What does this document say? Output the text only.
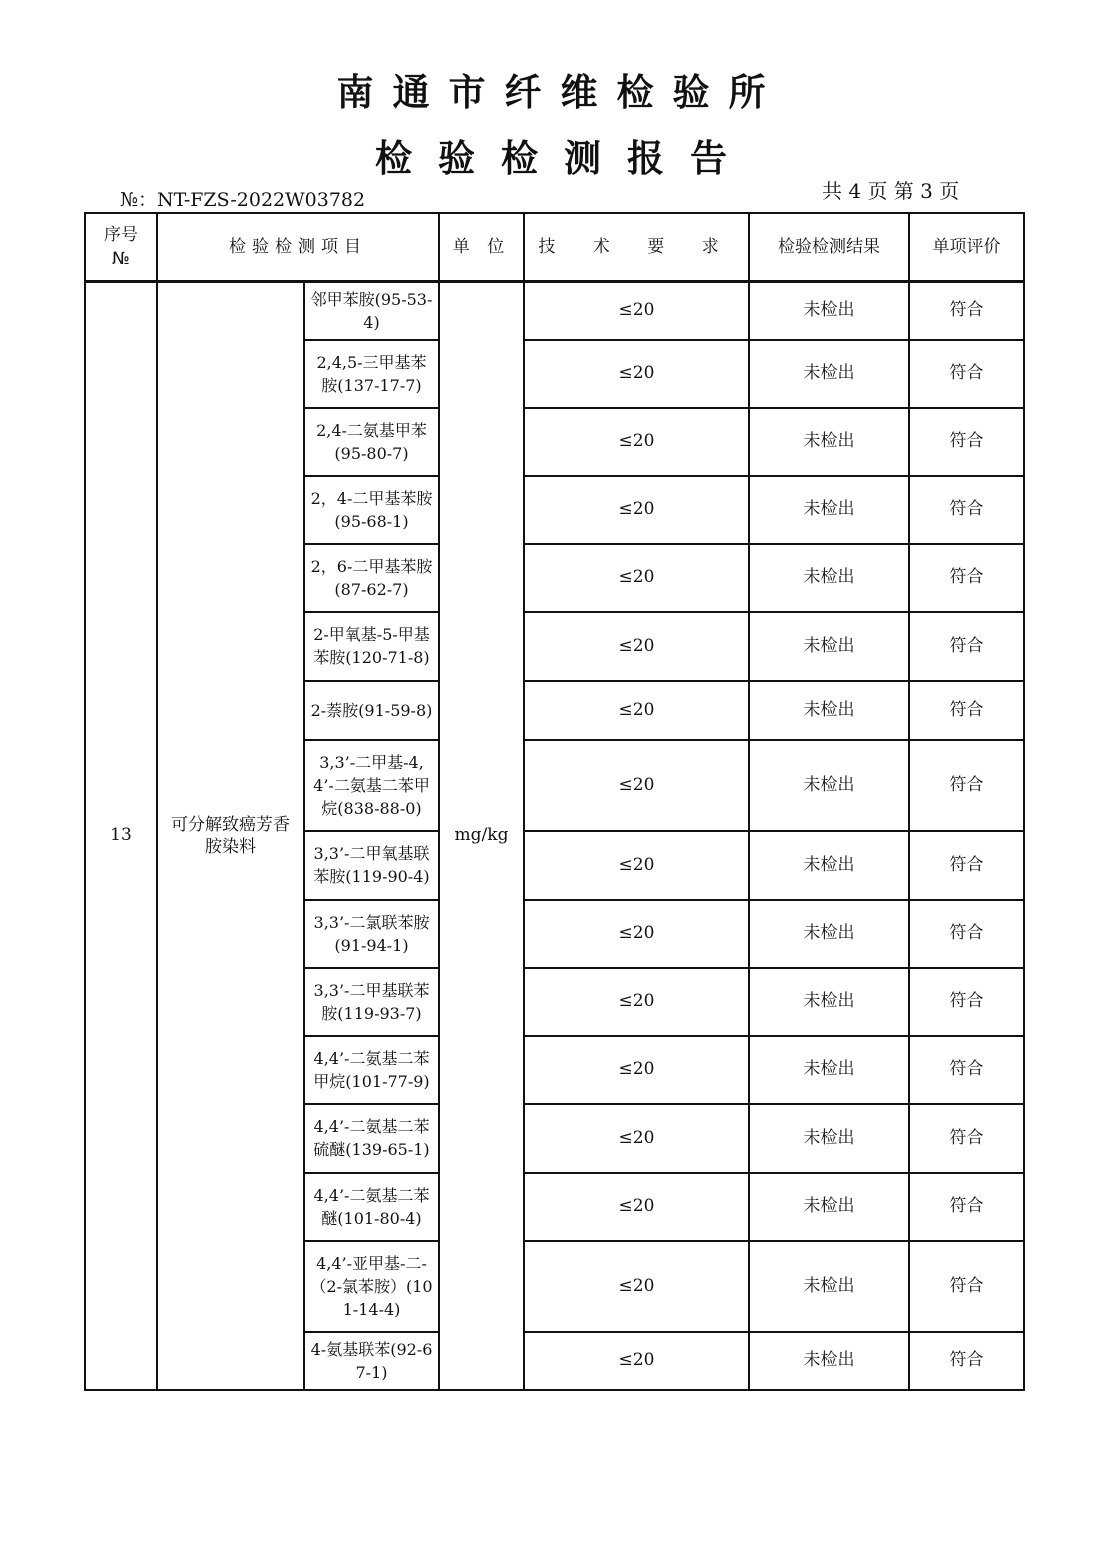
南通市纤维检验所
检验检测报告
№：NT-FZS-2022W03782	共 4 页 第 3 页
序号
№	检验检测项目		单 位	技 术 要 求	检验检测结果	单项评价
13	可分解致癌芳香胺染料	邻甲苯胺(95-53-4)	mg/kg	≤20	未检出	符合
		2,4,5-三甲基苯胺(137-17-7)		≤20	未检出	符合
		2,4-二氨基甲苯(95-80-7)		≤20	未检出	符合
		2，4-二甲基苯胺(95-68-1)		≤20	未检出	符合
		2，6-二甲基苯胺(87-62-7)		≤20	未检出	符合
		2-甲氧基-5-甲基苯胺(120-71-8)		≤20	未检出	符合
		2-萘胺(91-59-8)		≤20	未检出	符合
		3,3’-二甲基-4,4’-二氨基二苯甲烷(838-88-0)		≤20	未检出	符合
		3,3’-二甲氧基联苯胺(119-90-4)		≤20	未检出	符合
		3,3’-二氯联苯胺(91-94-1)		≤20	未检出	符合
		3,3’-二甲基联苯胺(119-93-7)		≤20	未检出	符合
		4,4’-二氨基二苯甲烷(101-77-9)		≤20	未检出	符合
		4,4’-二氨基二苯硫醚(139-65-1)		≤20	未检出	符合
		4,4’-二氨基二苯醚(101-80-4)		≤20	未检出	符合
		4,4’-亚甲基-二-（2-氯苯胺）(101-14-4)		≤20	未检出	符合
		4-氨基联苯(92-67-1)		≤20	未检出	符合
